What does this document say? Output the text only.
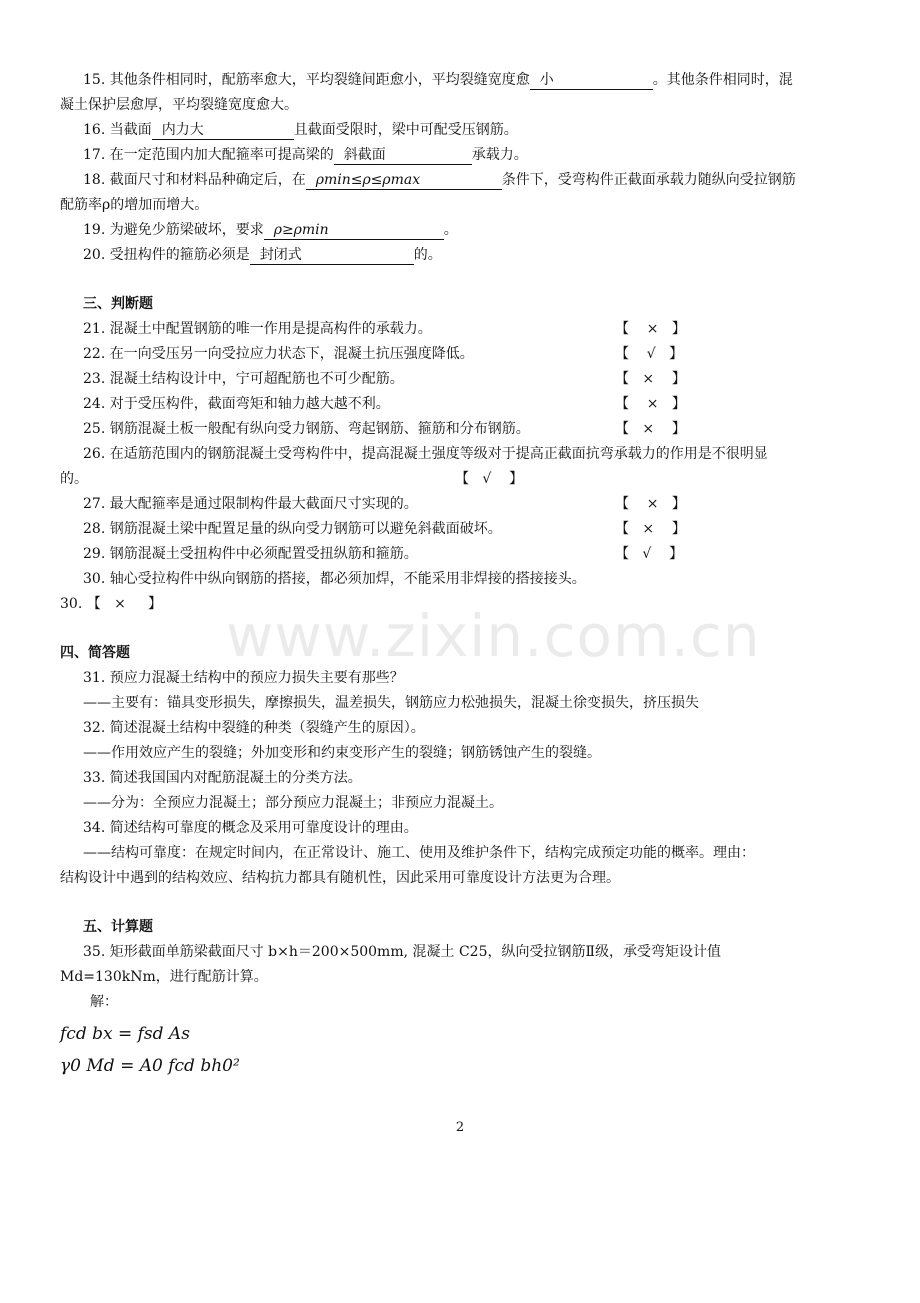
15. 其他条件相同时，配筋率愈大，平均裂缝间距愈小，平均裂缝宽度愈 小	。其他条件相同时，混
凝土保护层愈厚，平均裂缝宽度愈大。
16. 当截面 内力大	且截面受限时，梁中可配受压钢筋。
17. 在一定范围内加大配箍率可提高梁的 斜截面	承载力。
18. 截面尺寸和材料品种确定后，在 ρmin≤ρ≤ρmax	条件下，受弯构件正截面承载力随纵向受拉钢筋
配筋率ρ的增加而增大。
19. 为避免少筋梁破坏，要求 ρ≥ρmin	。
20. 受扭构件的箍筋必须是 封闭式	的。
三、判断题
21. 混凝土中配置钢筋的唯一作用是提高构件的承载力。	【    ×   】
22. 在一向受压另一向受拉应力状态下，混凝土抗压强度降低。	【    √   】
23. 混凝土结构设计中，宁可超配筋也不可少配筋。	【   ×    】
24. 对于受压构件，截面弯矩和轴力越大越不利。	【    ×   】
25. 钢筋混凝土板一般配有纵向受力钢筋、弯起钢筋、箍筋和分布钢筋。	【   ×    】
26. 在适筋范围内的钢筋混凝土受弯构件中，提高混凝土强度等级对于提高正截面抗弯承载力的作用是不很明显
的。	【   √    】
27. 最大配箍率是通过限制构件最大截面尺寸实现的。	【    ×   】
28. 钢筋混凝土梁中配置足量的纵向受力钢筋可以避免斜截面破坏。	【   ×    】
29. 钢筋混凝土受扭构件中必须配置受扭纵筋和箍筋。	【   √    】
30. 轴心受拉构件中纵向钢筋的搭接，都必须加焊，不能采用非焊接的搭接接头。
30. 【   ×     】	www.zixin.com.cn
四、简答题
31. 预应力混凝土结构中的预应力损失主要有那些？
——主要有：锚具变形损失，摩擦损失，温差损失，钢筋应力松弛损失，混凝土徐变损失，挤压损失
32. 简述混凝土结构中裂缝的种类（裂缝产生的原因）。
——作用效应产生的裂缝；外加变形和约束变形产生的裂缝；钢筋锈蚀产生的裂缝。
33. 简述我国国内对配筋混凝土的分类方法。
——分为：全预应力混凝土；部分预应力混凝土；非预应力混凝土。
34. 简述结构可靠度的概念及采用可靠度设计的理由。
——结构可靠度：在规定时间内，在正常设计、施工、使用及维护条件下，结构完成预定功能的概率。理由：
结构设计中遇到的结构效应、结构抗力都具有随机性，因此采用可靠度设计方法更为合理。
五、计算题
35. 矩形截面单筋梁截面尺寸 b×h＝200×500mm, 混凝土 C25，纵向受拉钢筋Ⅱ级，承受弯矩设计值
Md=130kNm，进行配筋计算。
解：
fcd bx = fsd As
γ0 Md = A0 fcd bh0²
2
